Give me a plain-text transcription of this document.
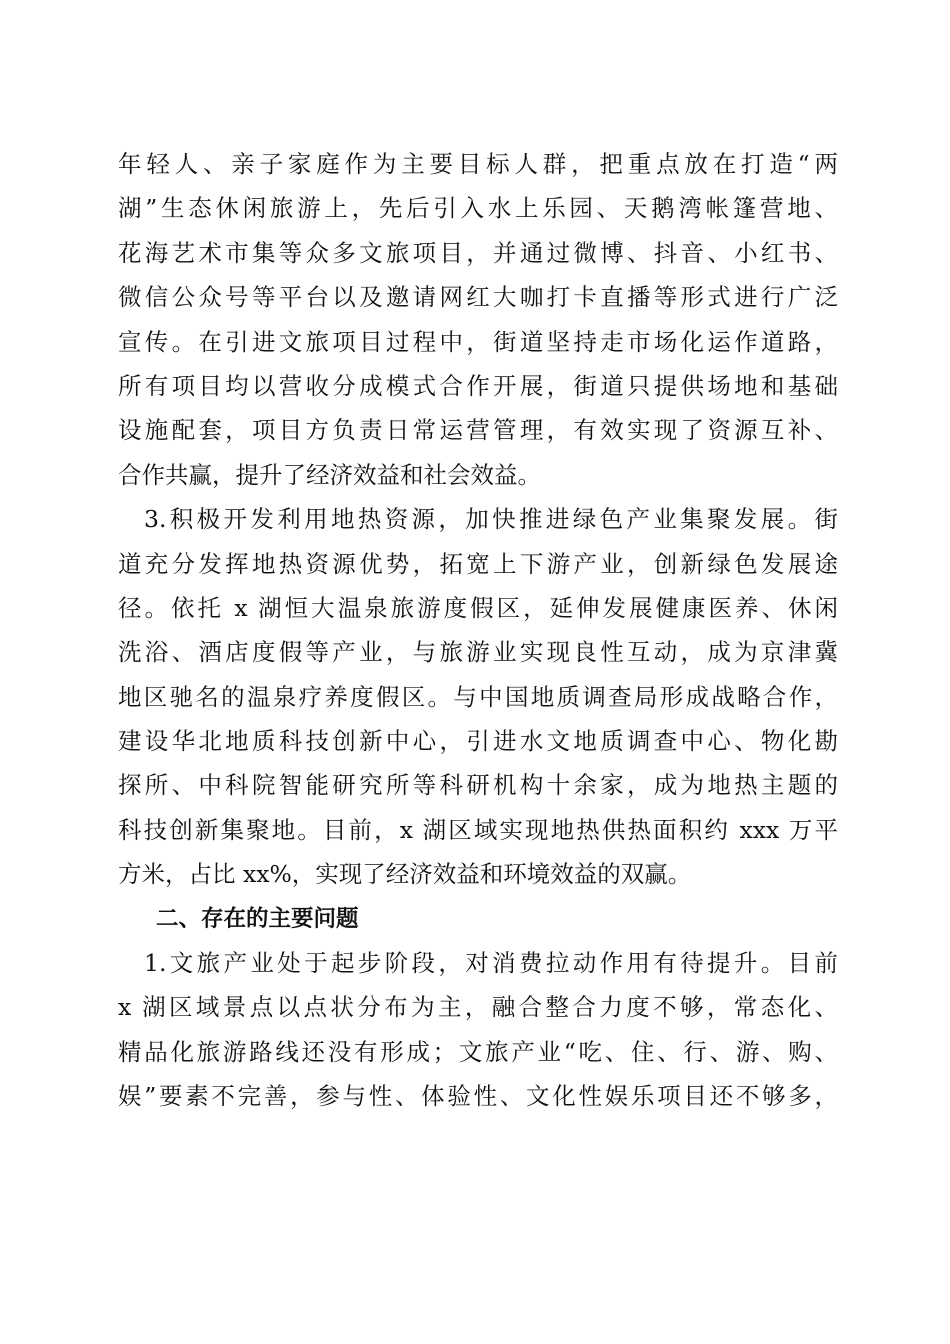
年轻人、亲子家庭作为主要目标人群，把重点放在打造“两
湖”生态休闲旅游上，先后引入水上乐园、天鹅湾帐篷营地、
花海艺术市集等众多文旅项目，并通过微博、抖音、小红书、
微信公众号等平台以及邀请网红大咖打卡直播等形式进行广泛
宣传。在引进文旅项目过程中，街道坚持走市场化运作道路，
所有项目均以营收分成模式合作开展，街道只提供场地和基础
设施配套，项目方负责日常运营管理，有效实现了资源互补、
合作共赢，提升了经济效益和社会效益。
3.积极开发利用地热资源，加快推进绿色产业集聚发展。街
道充分发挥地热资源优势，拓宽上下游产业，创新绿色发展途
径。依托 x 湖恒大温泉旅游度假区，延伸发展健康医养、休闲
洗浴、酒店度假等产业，与旅游业实现良性互动，成为京津冀
地区驰名的温泉疗养度假区。与中国地质调查局形成战略合作，
建设华北地质科技创新中心，引进水文地质调查中心、物化勘
探所、中科院智能研究所等科研机构十余家，成为地热主题的
科技创新集聚地。目前，x 湖区域实现地热供热面积约 xxx 万平
方米，占比 xx%，实现了经济效益和环境效益的双赢。
二、存在的主要问题
1.文旅产业处于起步阶段，对消费拉动作用有待提升。目前
x 湖区域景点以点状分布为主，融合整合力度不够，常态化、
精品化旅游路线还没有形成；文旅产业“吃、住、行、游、购、
娱”要素不完善，参与性、体验性、文化性娱乐项目还不够多，
